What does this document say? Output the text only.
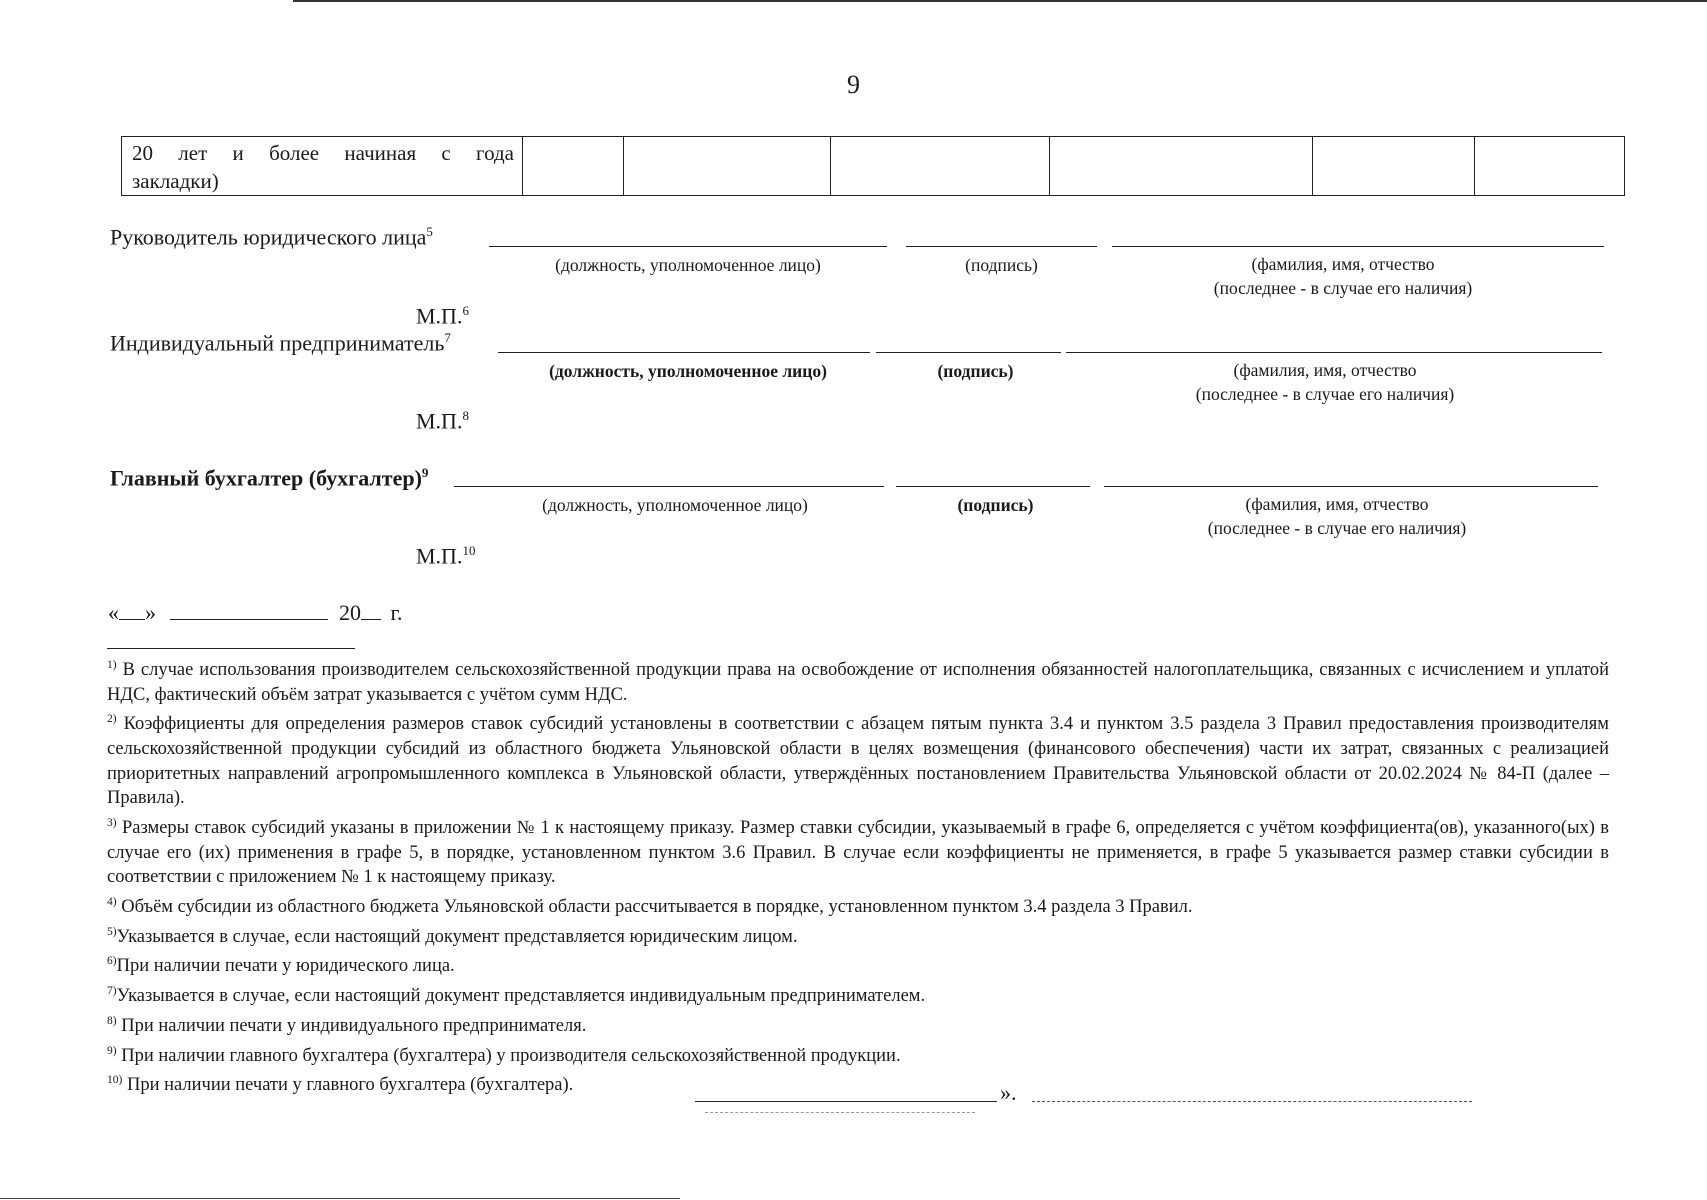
9
20 лет и более начиная с года
закладки)

Руководитель юридического лица$^5$
(должность, уполномоченное лицо)	(подпись)	(фамилия, имя, отчество
(последнее - в случае его наличия)
М.П.$^6$
Индивидуальный предприниматель$^7$
(должность, уполномоченное лицо)	(подпись)	(фамилия, имя, отчество
(последнее - в случае его наличия)
М.П.$^8$
Главный бухгалтер (бухгалтер)$^9$
(должность, уполномоченное лицо)	(подпись)	(фамилия, имя, отчество
(последнее - в случае его наличия)
М.П.$^{10}$
« »	20 г.

$^{1)}$ В случае использования производителем сельскохозяйственной продукции права на освобождение от исполнения обязанностей налогоплательщика, связанных с исчислением и уплатой НДС, фактический объём затрат указывается с учётом сумм НДС.

$^{2)}$ Коэффициенты для определения размеров ставок субсидий установлены в соответствии с абзацем пятым пункта 3.4 и пунктом 3.5 раздела 3 Правил предоставления производителям сельскохозяйственной продукции субсидий из областного бюджета Ульяновской области в целях возмещения (финансового обеспечения) части их затрат, связанных с реализацией приоритетных направлений агропромышленного комплекса в Ульяновской области, утверждённых постановлением Правительства Ульяновской области от 20.02.2024 № 84-П (далее – Правила).

$^{3)}$ Размеры ставок субсидий указаны в приложении № 1 к настоящему приказу. Размер ставки субсидии, указываемый в графе 6, определяется с учётом коэффициента(ов), указанного(ых) в случае его (их) применения в графе 5, в порядке, установленном пунктом 3.6 Правил. В случае если коэффициенты не применяется, в графе 5 указывается размер ставки субсидии в соответствии с приложением № 1 к настоящему приказу.

$^{4)}$ Объём субсидии из областного бюджета Ульяновской области рассчитывается в порядке, установленном пунктом 3.4 раздела 3 Правил.

$^{5)}$Указывается в случае, если настоящий документ представляется юридическим лицом.

$^{6)}$При наличии печати у юридического лица.

$^{7)}$Указывается в случае, если настоящий документ представляется индивидуальным предпринимателем.

$^{8)}$ При наличии печати у индивидуального предпринимателя.

$^{9)}$ При наличии главного бухгалтера (бухгалтера) у производителя сельскохозяйственной продукции.

$^{10)}$ При наличии печати у главного бухгалтера (бухгалтера).	».
